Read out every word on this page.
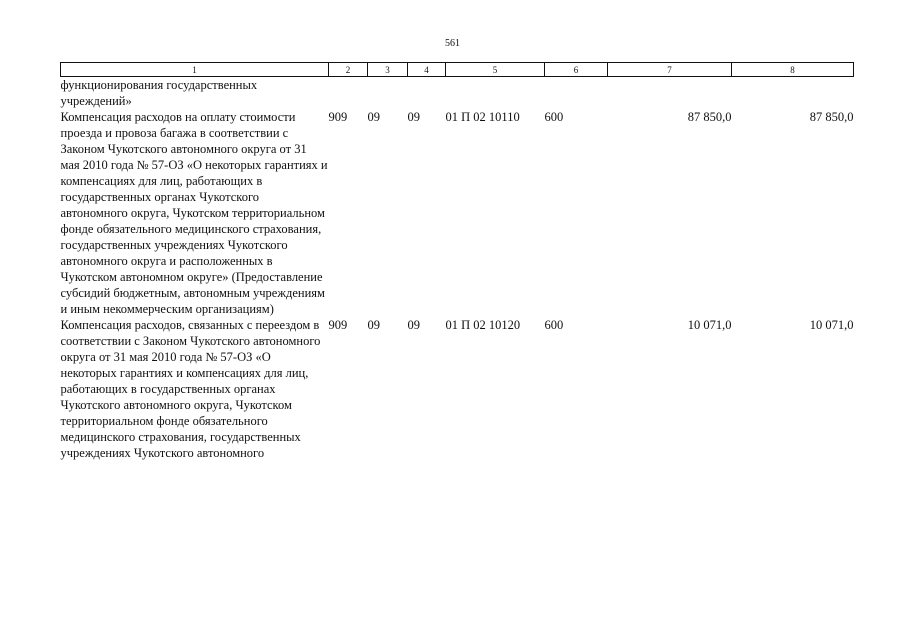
561
1	2	3	4	5	6	7	8
функционирования государственных учреждений»							
Компенсация расходов на оплату стоимости проезда и провоза багажа в соответствии с Законом Чукотского автономного округа от 31 мая 2010 года № 57-ОЗ «О некоторых гарантиях и компенсациях для лиц, работающих в государственных органах Чукотского автономного округа, Чукотском территориальном фонде обязательного медицинского страхования, государственных учреждениях Чукотского автономного округа и расположенных в Чукотском автономном округе» (Предоставление субсидий бюджетным, автономным учреждениям и иным некоммерческим организациям)	909	09	09	01 П 02 10110	600	87 850,0	87 850,0
Компенсация расходов, связанных с переездом в соответствии с Законом Чукотского автономного округа от 31 мая 2010 года № 57-ОЗ «О некоторых гарантиях и компенсациях для лиц, работающих в государственных органах Чукотского автономного округа, Чукотском территориальном фонде обязательного медицинского страхования, государственных учреждениях Чукотского автономного	909	09	09	01 П 02 10120	600	10 071,0	10 071,0
